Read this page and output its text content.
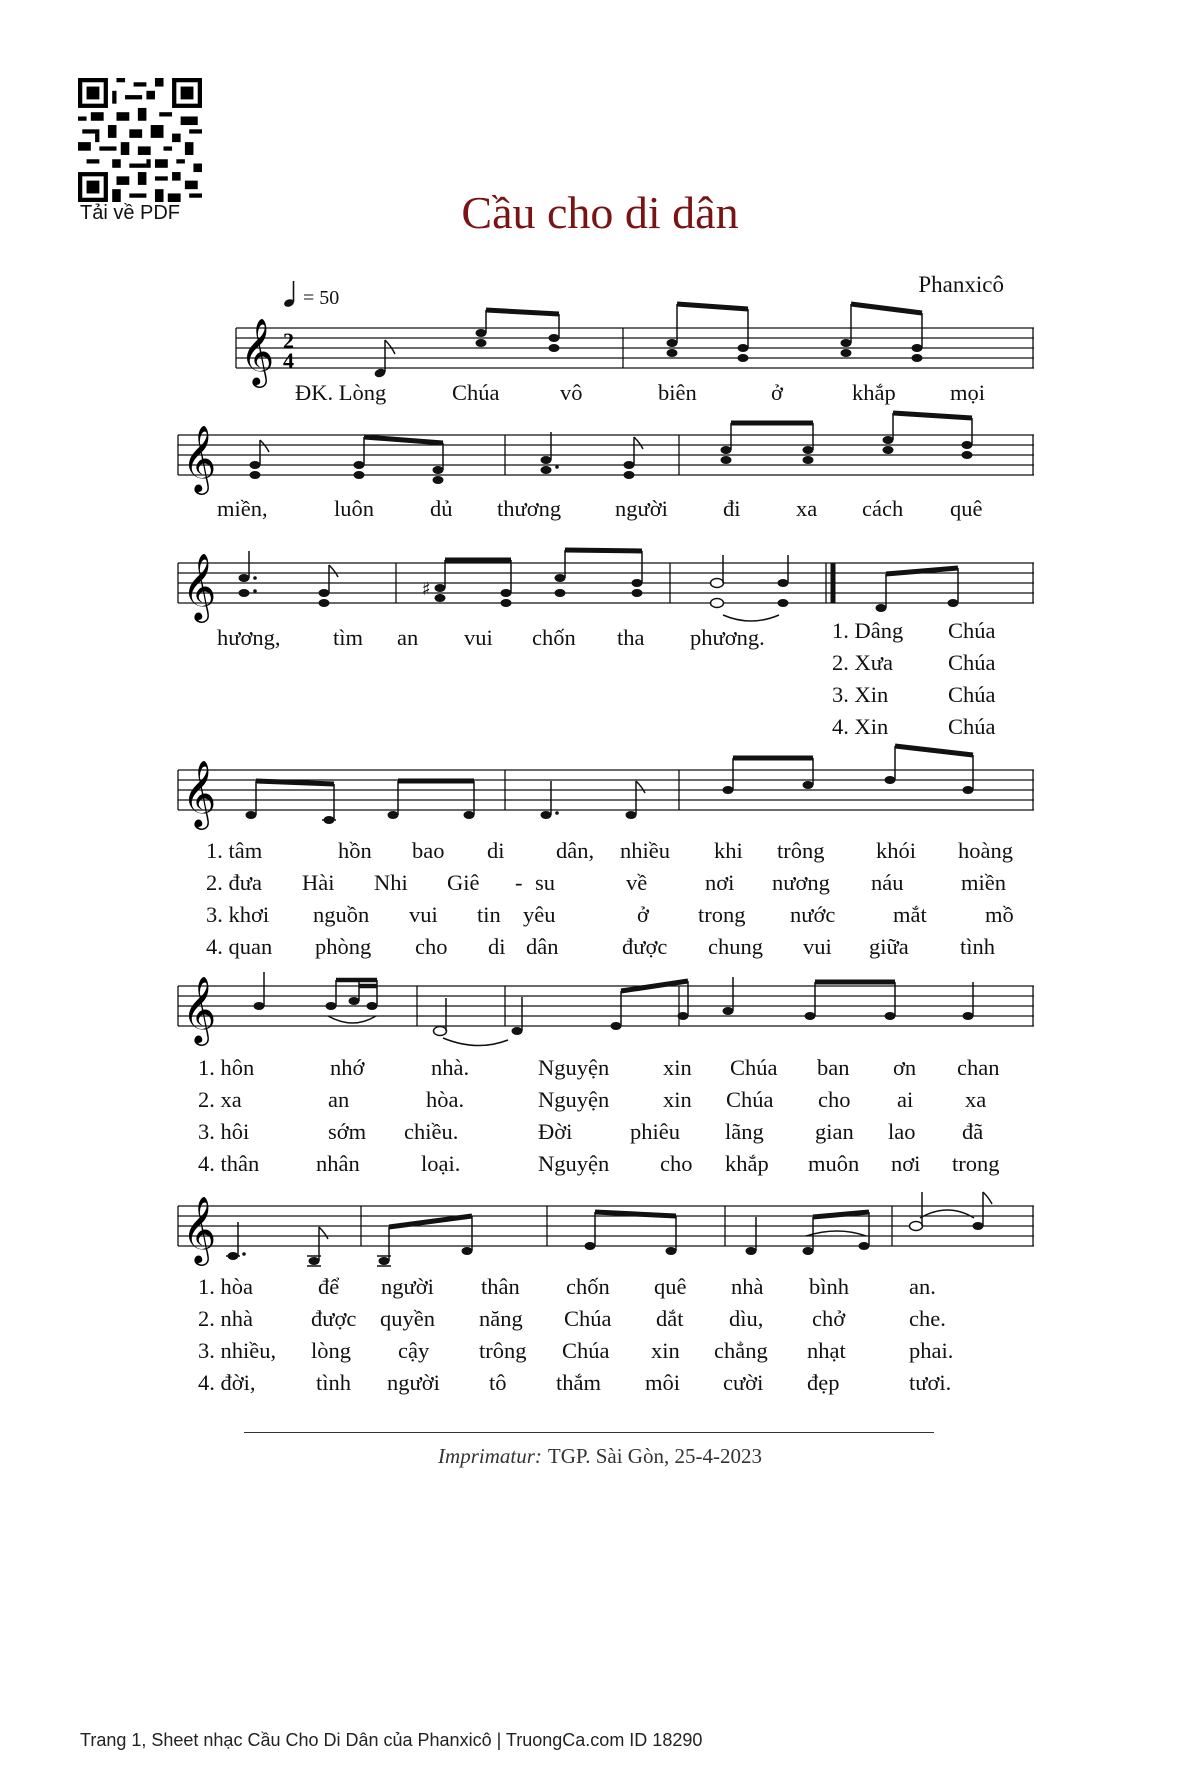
Tải về PDF	Cầu cho di dân
Phanxicô
= 50
𝄞 2
4
ĐK. Lòng	Chúa	vô	biên	ở	khắp mọi
𝄞
miền,	luôn dủ thương người đi xa cách quê
𝄞	♯
hương, tìm an vui chốn tha phương.	1. Dâng Chúa
2. Xưa Chúa
3. Xin	Chúa
4. Xin	Chúa
𝄞
1. tâm	hồn bao di dân, nhiều khi trông khói hoàng
2. đưa Hài Nhi Giê - su	về	nơi nương náu	miền
3. khơi nguồn vui tin yêu	ở trong nước	mắt	mồ
4. quan phòng cho di dân	được chung vui giữa tình
𝄞
1. hôn	nhớ	nhà.	Nguyện xin Chúa ban ơn chan
2. xa	an	hòa.	Nguyện xin Chúa cho ai xa
3. hôi	sớm chiều.	Đời	phiêu lãng gian lao đã
4. thân	nhân	loại.	Nguyện cho khắp muôn nơi trong
𝄞
1. hòa	để người thân chốn quê nhà bình	an.
2. nhà	được quyền năng Chúa dắt dìu, chở	che.
3. nhiều, lòng cậy trông Chúa xin chẳng nhạt	phai.
4. đời,	tình người tô thắm môi cười đẹp	tươi.
Imprimatur: TGP. Sài Gòn, 25-4-2023
Trang 1, Sheet nhạc Cầu Cho Di Dân của Phanxicô | TruongCa.com ID 18290
